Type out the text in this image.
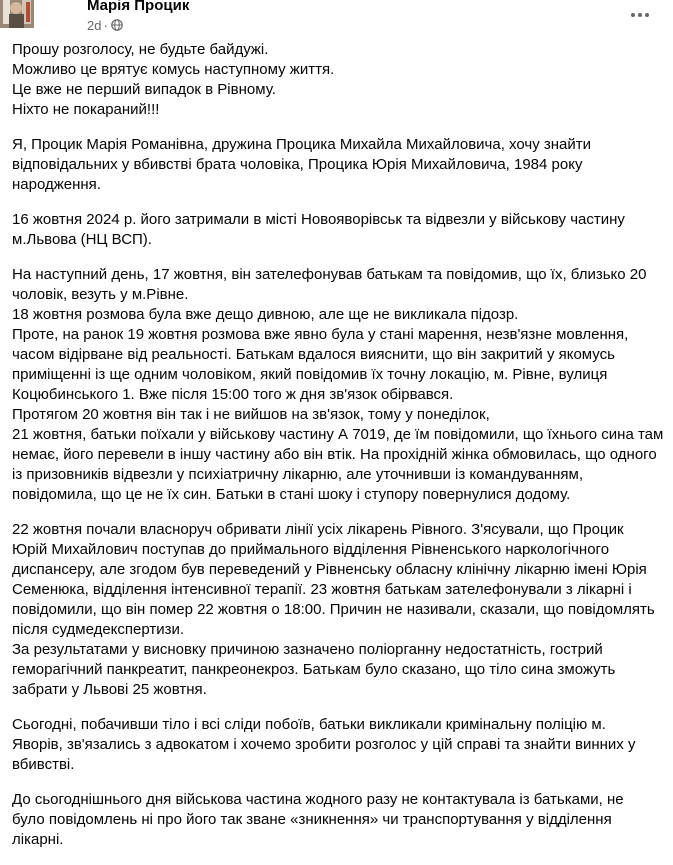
Марія Процик
2d ·
Прошу розголосу, не будьте байдужі.
Можливо це врятує комусь наступному життя.
Це вже не перший випадок в Рівному.
Ніхто не покараний!!!
Я, Процик Марія Романівна, дружина Процика Михайла Михайловича, хочу знайти
відповідальних у вбивстві брата чоловіка, Процика Юрія Михайловича, 1984 року
народження.
16 жовтня 2024 р. його затримали в місті Новояворівськ та відвезли у військову частину
м.Львова (НЦ ВСП).
На наступний день, 17 жовтня, він зателефонував батькам та повідомив, що їх, близько 20
чоловік, везуть у м.Рівне.
18 жовтня розмова була вже дещо дивною, але ще не викликала підозр.
Проте, на ранок 19 жовтня розмова вже явно була у стані марення, незв'язне мовлення,
часом відірване від реальності. Батькам вдалося вияснити, що він закритий у якомусь
приміщенні із ще одним чоловіком, який повідомив їх точну локацію, м. Рівне, вулиця
Коцюбинського 1. Вже після 15:00 того ж дня зв'язок обірвався.
Протягом 20 жовтня він так і не вийшов на зв'язок, тому у понеділок,
21 жовтня, батьки поїхали у військову частину А 7019, де їм повідомили, що їхнього сина там
немає, його перевели в іншу частину або він втік. На прохідній жінка обмовилась, що одного
із призовників відвезли у психіатричну лікарню, але уточнивши із командуванням,
повідомила, що це не їх син. Батьки в стані шоку і ступору повернулися додому.
22 жовтня почали власноруч обривати лінії усіх лікарень Рівного. З'ясували, що Процик
Юрій Михайлович поступав до приймального відділення Рівненського наркологічного
диспансеру, але згодом був переведений у Рівненську обласну клінічну лікарню імені Юрія
Семенюка, відділення інтенсивної терапії. 23 жовтня батькам зателефонували з лікарні і
повідомили, що він помер 22 жовтня о 18:00. Причин не називали, сказали, що повідомлять
після судмедекспертизи.
За результатами у висновку причиною зазначено поліорганну недостатність, гострий
геморагічний панкреатит, панкреонекроз. Батькам було сказано, що тіло сина зможуть
забрати у Львові 25 жовтня.
Сьогодні, побачивши тіло і всі сліди побоїв, батьки викликали кримінальну поліцію м.
Яворів, зв'язались з адвокатом і хочемо зробити розголос у цій справі та знайти винних у
вбивстві.
До сьогоднішнього дня військова частина жодного разу не контактувала із батьками, не
було повідомлень ні про його так зване «зникнення» чи транспортування у відділення
лікарні.
